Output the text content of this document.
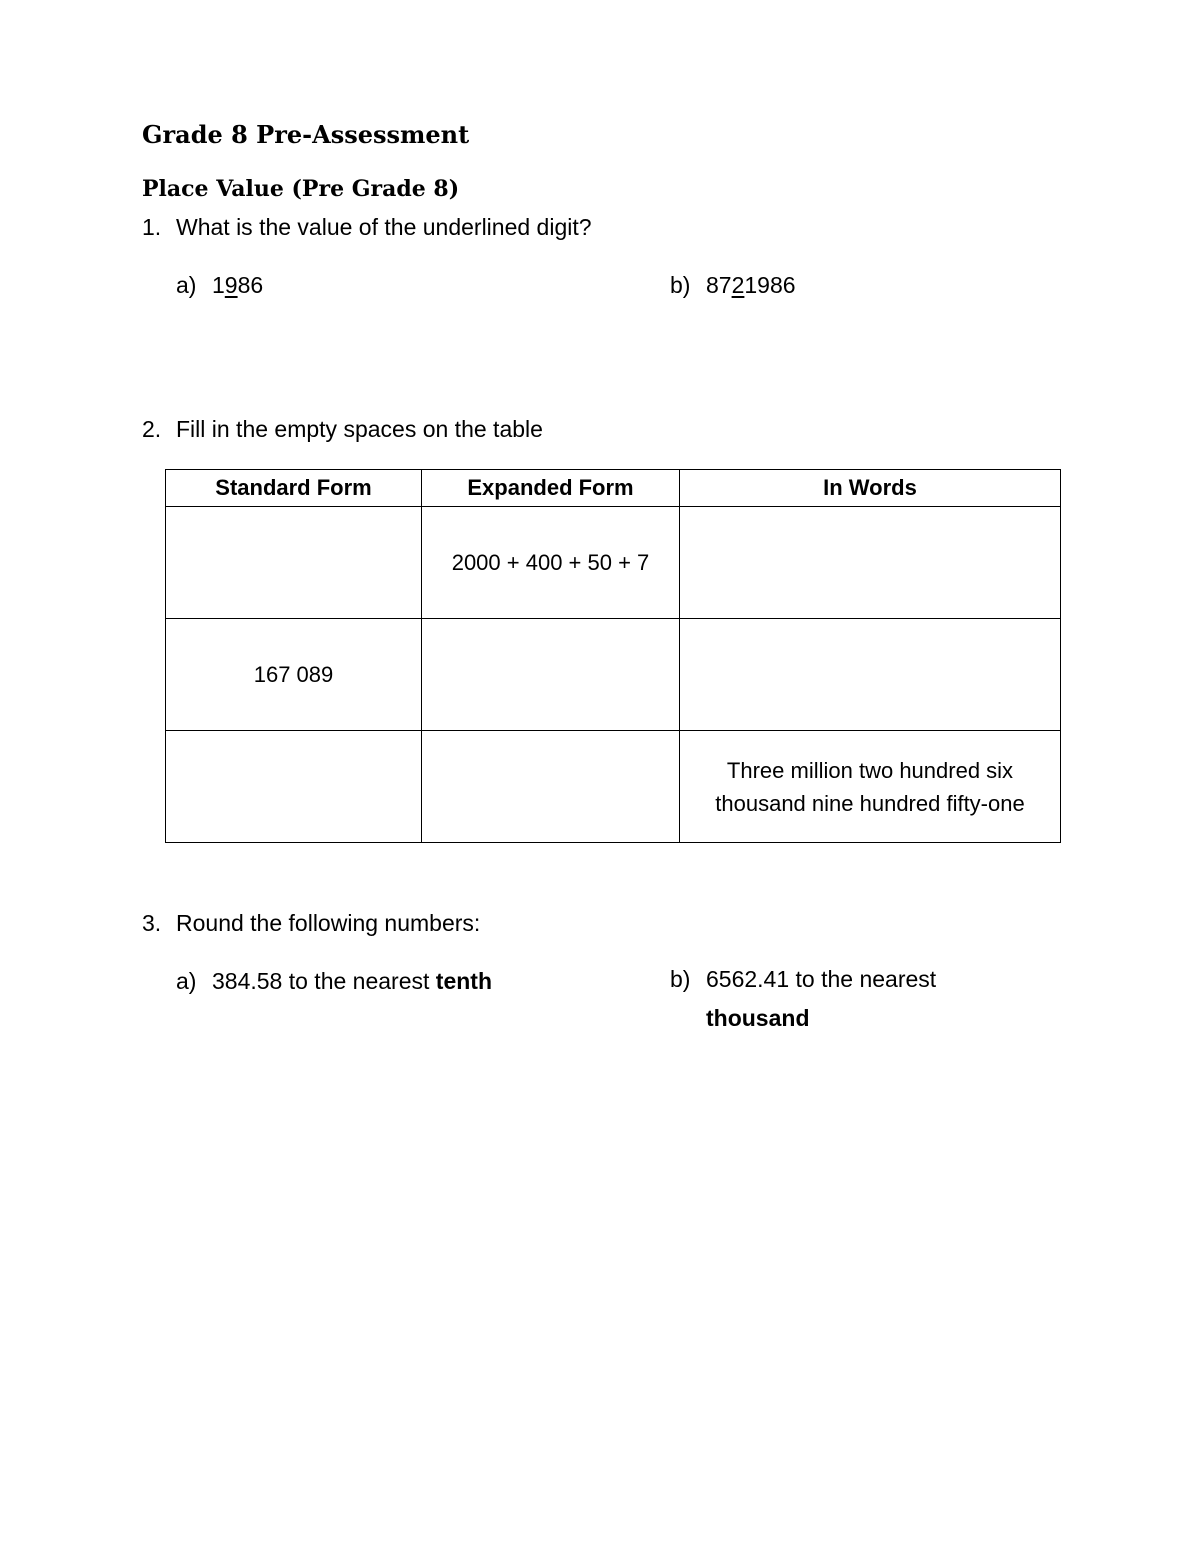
Grade 8 Pre-Assessment
Place Value (Pre Grade 8)
1. What is the value of the underlined digit?
a) 1986	b) 8721986
2. Fill in the empty spaces on the table
Standard Form	Expanded Form	In Words
	2000 + 400 + 50 + 7	
167 089		
		Three million two hundred six thousand nine hundred fifty-one
3. Round the following numbers:
a) 384.58 to the nearest tenth	b) 6562.41 to the nearest
thousand
